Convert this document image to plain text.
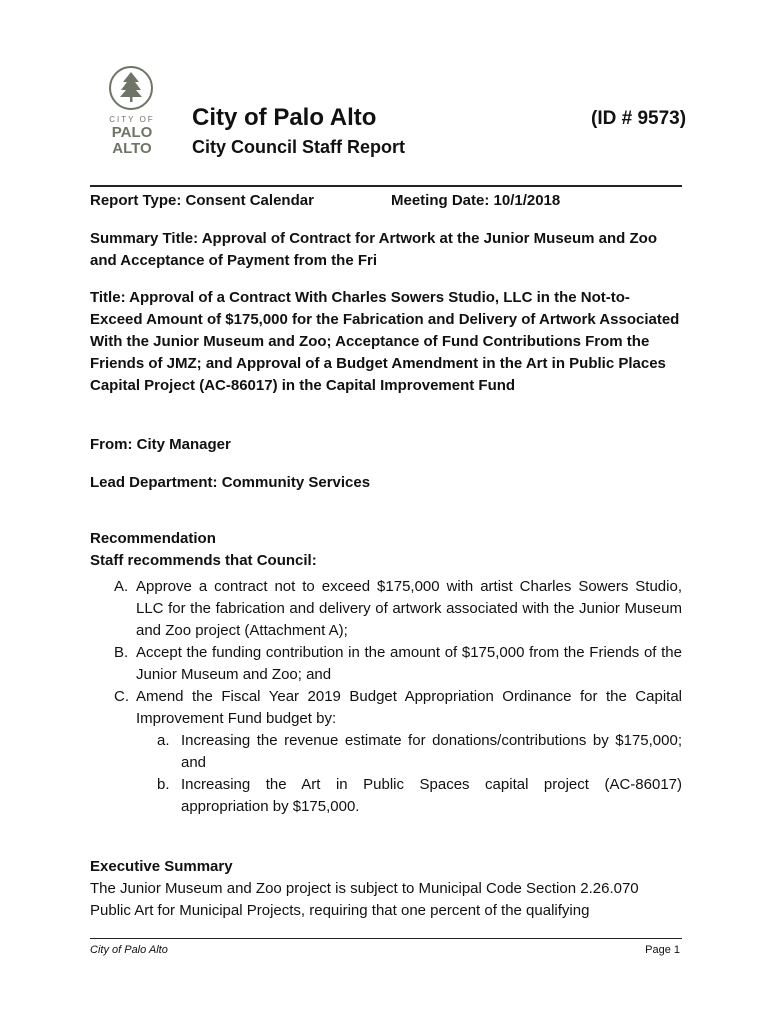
CITY OF
PALO
ALTO
City of Palo Alto	(ID # 9573)
City Council Staff Report
Report Type: Consent Calendar	Meeting Date: 10/1/2018
Summary Title: Approval of Contract for Artwork at the Junior Museum and Zoo and Acceptance of Payment from the Fri
Title: Approval of a Contract With Charles Sowers Studio, LLC in the Not-to-Exceed Amount of $175,000 for the Fabrication and Delivery of Artwork Associated With the Junior Museum and Zoo; Acceptance of Fund Contributions From the Friends of JMZ; and Approval of a Budget Amendment in the Art in Public Places Capital Project (AC-86017) in the Capital Improvement Fund
From: City Manager
Lead Department: Community Services
Recommendation
Staff recommends that Council:
A. Approve a contract not to exceed $175,000 with artist Charles Sowers Studio, LLC for the fabrication and delivery of artwork associated with the Junior Museum and Zoo project (Attachment A);
B. Accept the funding contribution in the amount of $175,000 from the Friends of the Junior Museum and Zoo; and
C. Amend the Fiscal Year 2019 Budget Appropriation Ordinance for the Capital Improvement Fund budget by:
a. Increasing the revenue estimate for donations/contributions by $175,000; and
b. Increasing the Art in Public Spaces capital project (AC-86017) appropriation by $175,000.
Executive Summary
The Junior Museum and Zoo project is subject to Municipal Code Section 2.26.070 Public Art for Municipal Projects, requiring that one percent of the qualifying
City of Palo Alto	Page 1
